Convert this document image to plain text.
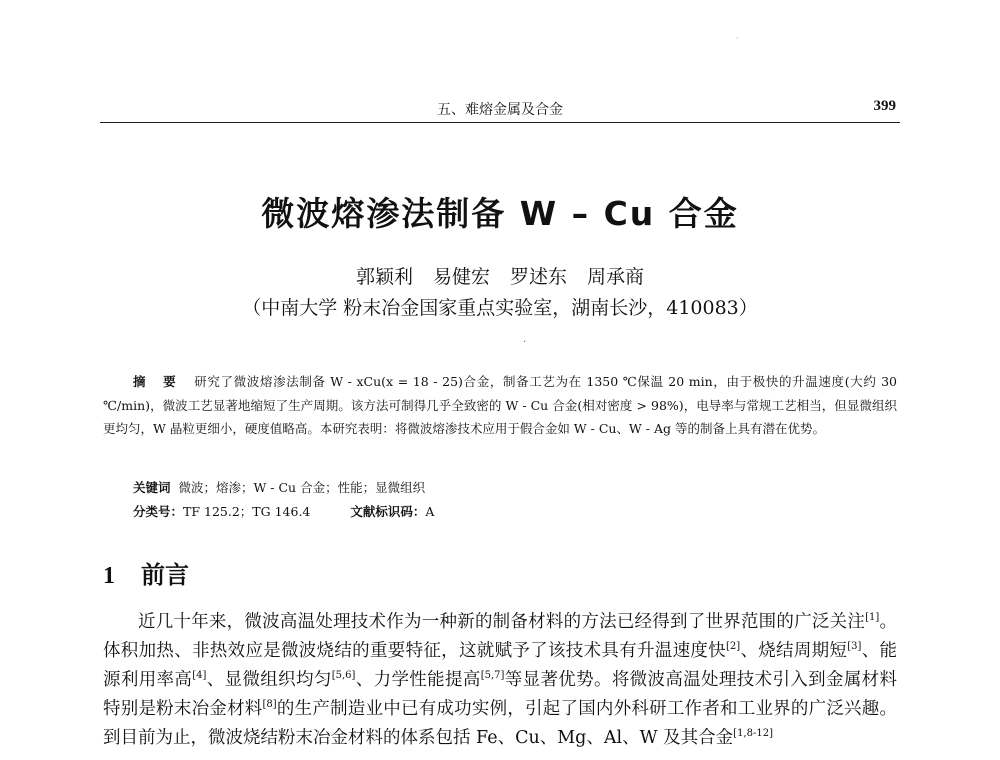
·
五、难熔金属及合金	399
微波熔渗法制备 W – Cu 合金
郭颖利 易健宏 罗述东 周承商
（中南大学 粉末冶金国家重点实验室，湖南长沙，410083）
·
摘 要 研究了微波熔渗法制备 W - xCu(x = 18 - 25)合金，制备工艺为在 1350 ℃保温 20 min，由于极快的升温速度(大约 30 ℃/min)，微波工艺显著地缩短了生产周期。该方法可制得几乎全致密的 W - Cu 合金(相对密度 > 98%)，电导率与常规工艺相当，但显微组织更均匀，W 晶粒更细小，硬度值略高。本研究表明：将微波熔渗技术应用于假合金如 W - Cu、W - Ag 等的制备上具有潜在优势。
关键词 微波；熔渗；W - Cu 合金；性能；显微组织
分类号：TF 125.2；TG 146.4	文献标识码：A
1 前言
近几十年来，微波高温处理技术作为一种新的制备材料的方法已经得到了世界范围的广泛关注[1]。体积加热、非热效应是微波烧结的重要特征，这就赋予了该技术具有升温速度快[2]、烧结周期短[3]、能源利用率高[4]、显微组织均匀[5,6]、力学性能提高[5,7]等显著优势。将微波高温处理技术引入到金属材料特别是粉末冶金材料[8]的生产制造业中已有成功实例，引起了国内外科研工作者和工业界的广泛兴趣。到目前为止，微波烧结粉末冶金材料的体系包括 Fe、Cu、Mg、Al、W 及其合金[1,8-12]
